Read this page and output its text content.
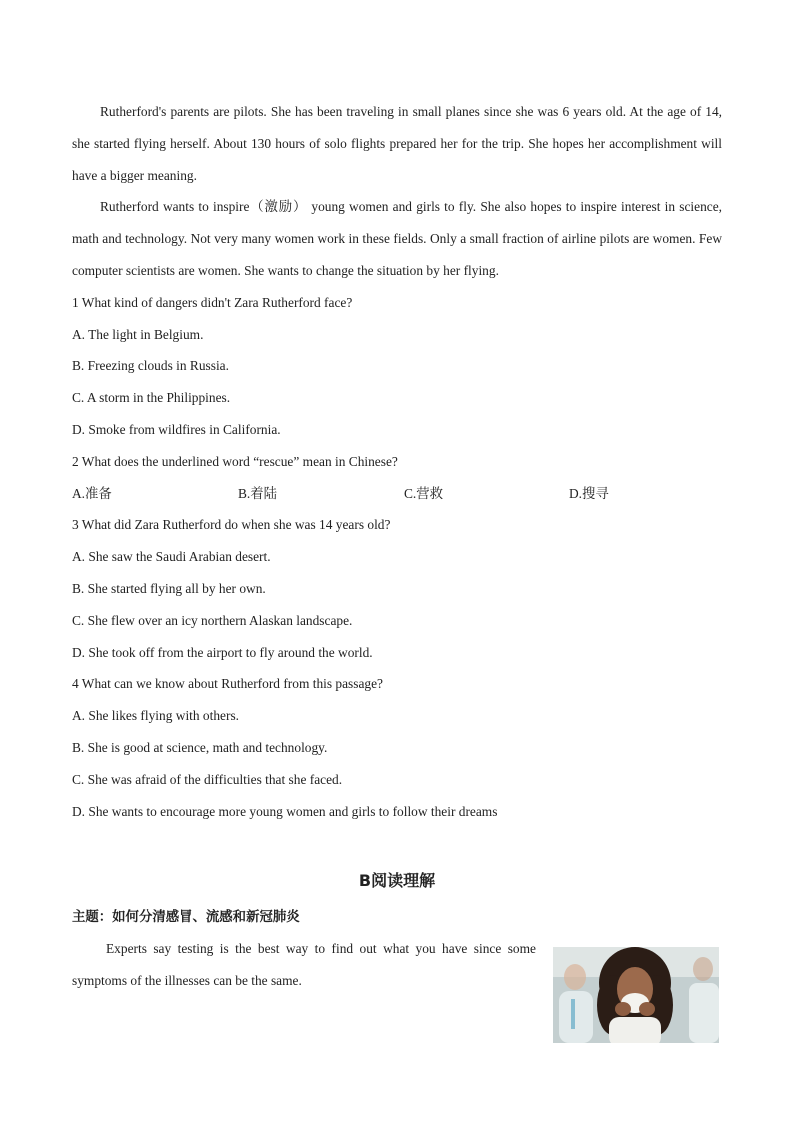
Rutherford's parents are pilots. She has been traveling in small planes since she was 6 years old. At the age of 14, she started flying herself. About 130 hours of solo flights prepared her for the trip. She hopes her accomplishment will have a bigger meaning.

Rutherford wants to inspire（激励） young women and girls to fly. She also hopes to inspire interest in science, math and technology. Not very many women work in these fields. Only a small fraction of airline pilots are women. Few computer scientists are women. She wants to change the situation by her flying.

1 What kind of dangers didn't Zara Rutherford face?

A. The light in Belgium.

B. Freezing clouds in Russia.

C. A storm in the Philippines.

D. Smoke from wildfires in California.

2 What does the underlined word “rescue” mean in Chinese?

A.准备	B.着陆	C.营救	D.搜寻

3 What did Zara Rutherford do when she was 14 years old?

A. She saw the Saudi Arabian desert.

B. She started flying all by her own.

C. She flew over an icy northern Alaskan landscape.

D. She took off from the airport to fly around the world.

4 What can we know about Rutherford from this passage?

A. She likes flying with others.

B. She is good at science, math and technology.

C. She was afraid of the difficulties that she faced.

D. She wants to encourage more young women and girls to follow their dreams

B阅读理解

主题：如何分清感冒、流感和新冠肺炎

Experts say testing is the best way to find out what you have since some symptoms of the illnesses can be the same.
